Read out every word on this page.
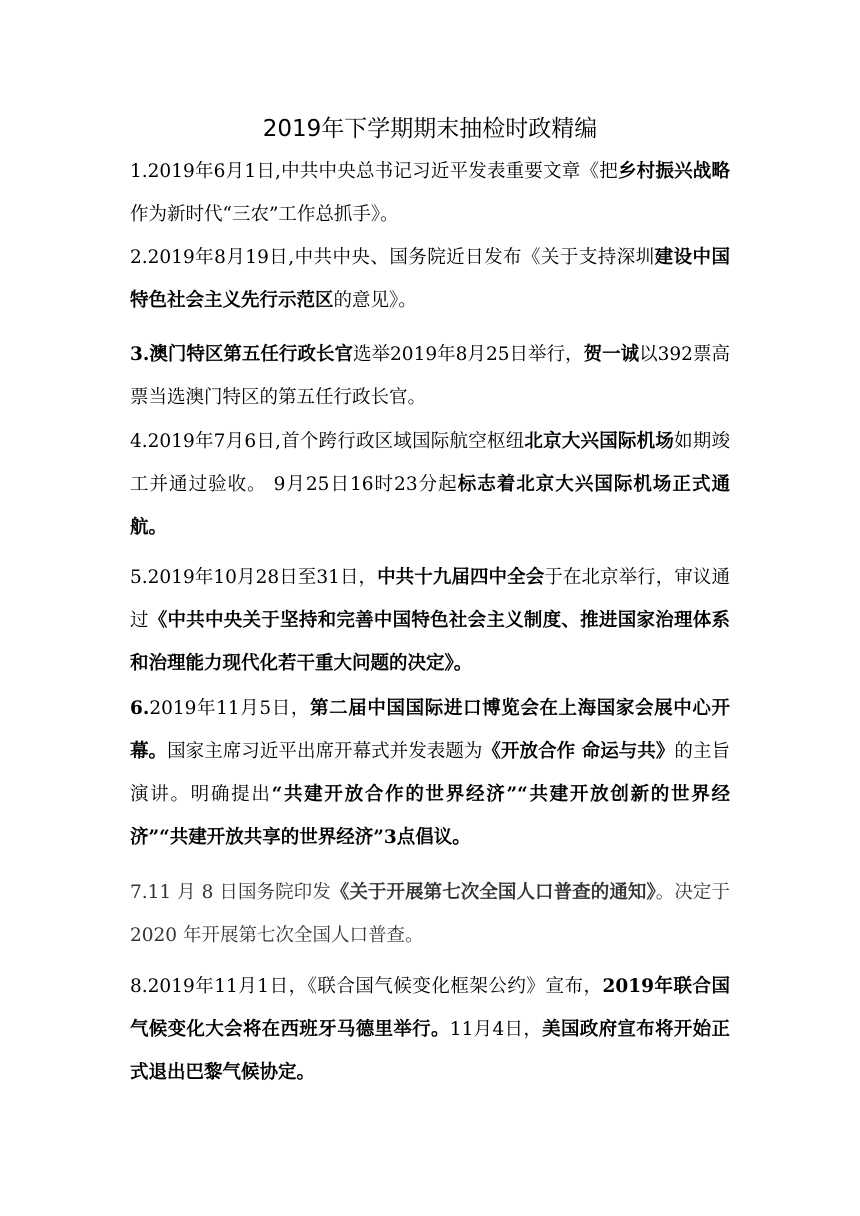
2019年下学期期末抽检时政精编
1.2019年6月1日,中共中央总书记习近平发表重要文章《把乡村振兴战略作为新时代“三农”工作总抓手》。
2.2019年8月19日,中共中央、国务院近日发布《关于支持深圳建设中国特色社会主义先行示范区的意见》。
3.澳门特区第五任行政长官选举2019年8月25日举行，贺一诚以392票高票当选澳门特区的第五任行政长官。
4.2019年7月6日,首个跨行政区域国际航空枢纽北京大兴国际机场如期竣工并通过验收。 9月25日16时23分起标志着北京大兴国际机场正式通航。
5.2019年10月28日至31日，中共十九届四中全会于在北京举行，审议通过《中共中央关于坚持和完善中国特色社会主义制度、推进国家治理体系和治理能力现代化若干重大问题的决定》。
6.2019年11月5日，第二届中国国际进口博览会在上海国家会展中心开幕。国家主席习近平出席开幕式并发表题为《开放合作 命运与共》的主旨演讲。明确提出“共建开放合作的世界经济”“共建开放创新的世界经济”“共建开放共享的世界经济”3点倡议。
7.11 月 8 日国务院印发《关于开展第七次全国人口普查的通知》。决定于 2020 年开展第七次全国人口普查。
8.2019年11月1日，《联合国气候变化框架公约》宣布，2019年联合国气候变化大会将在西班牙马德里举行。11月4日，美国政府宣布将开始正式退出巴黎气候协定。
